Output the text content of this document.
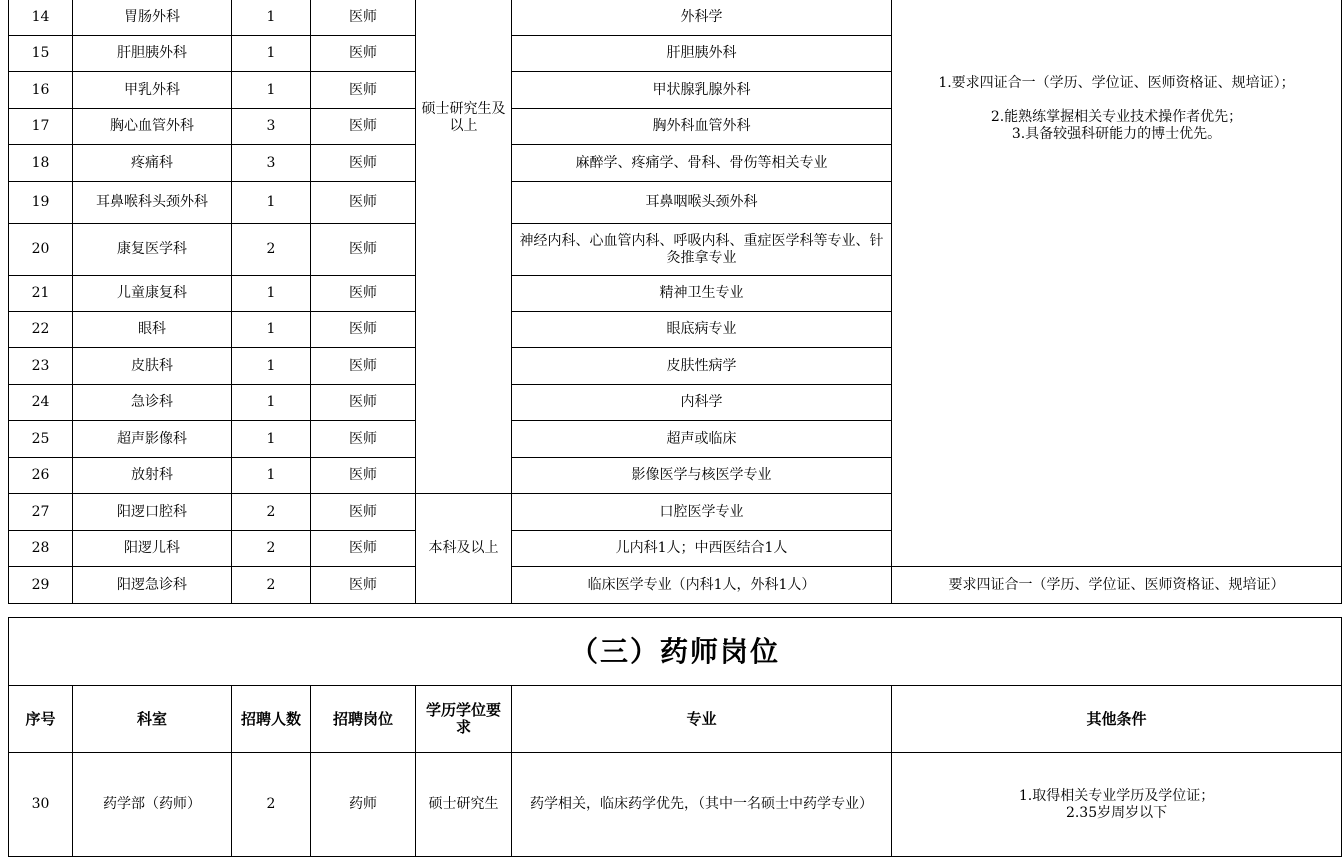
14	胃肠外科	1	医师	硕士研究生及以上	外科学	1.要求四证合一（学历、学位证、医师资格证、规培证）；

2.能熟练掌握相关专业技术操作者优先；
3.具备较强科研能力的博士优先。
15	肝胆胰外科	1	医师		肝胆胰外科	
16	甲乳外科	1	医师		甲状腺乳腺外科	
17	胸心血管外科	3	医师		胸外科血管外科	
18	疼痛科	3	医师		麻醉学、疼痛学、骨科、骨伤等相关专业	
19	耳鼻喉科头颈外科	1	医师		耳鼻咽喉头颈外科	
20	康复医学科	2	医师		神经内科、心血管内科、呼吸内科、重症医学科等专业、针灸推拿专业	
21	儿童康复科	1	医师		精神卫生专业	
22	眼科	1	医师		眼底病专业	
23	皮肤科	1	医师		皮肤性病学	
24	急诊科	1	医师		内科学	
25	超声影像科	1	医师		超声或临床	
26	放射科	1	医师		影像医学与核医学专业	
27	阳逻口腔科	2	医师	本科及以上	口腔医学专业	
28	阳逻儿科	2	医师		儿内科1人；中西医结合1人	
29	阳逻急诊科	2	医师		临床医学专业（内科1人，外科1人）	要求四证合一（学历、学位证、医师资格证、规培证）
（三）药师岗位						
序号	科室	招聘人数	招聘岗位	学历学位要求	专业	其他条件
30	药学部（药师）	2	药师	硕士研究生	药学相关，临床药学优先，（其中一名硕士中药学专业）	1.取得相关专业学历及学位证；
2.35岁周岁以下
